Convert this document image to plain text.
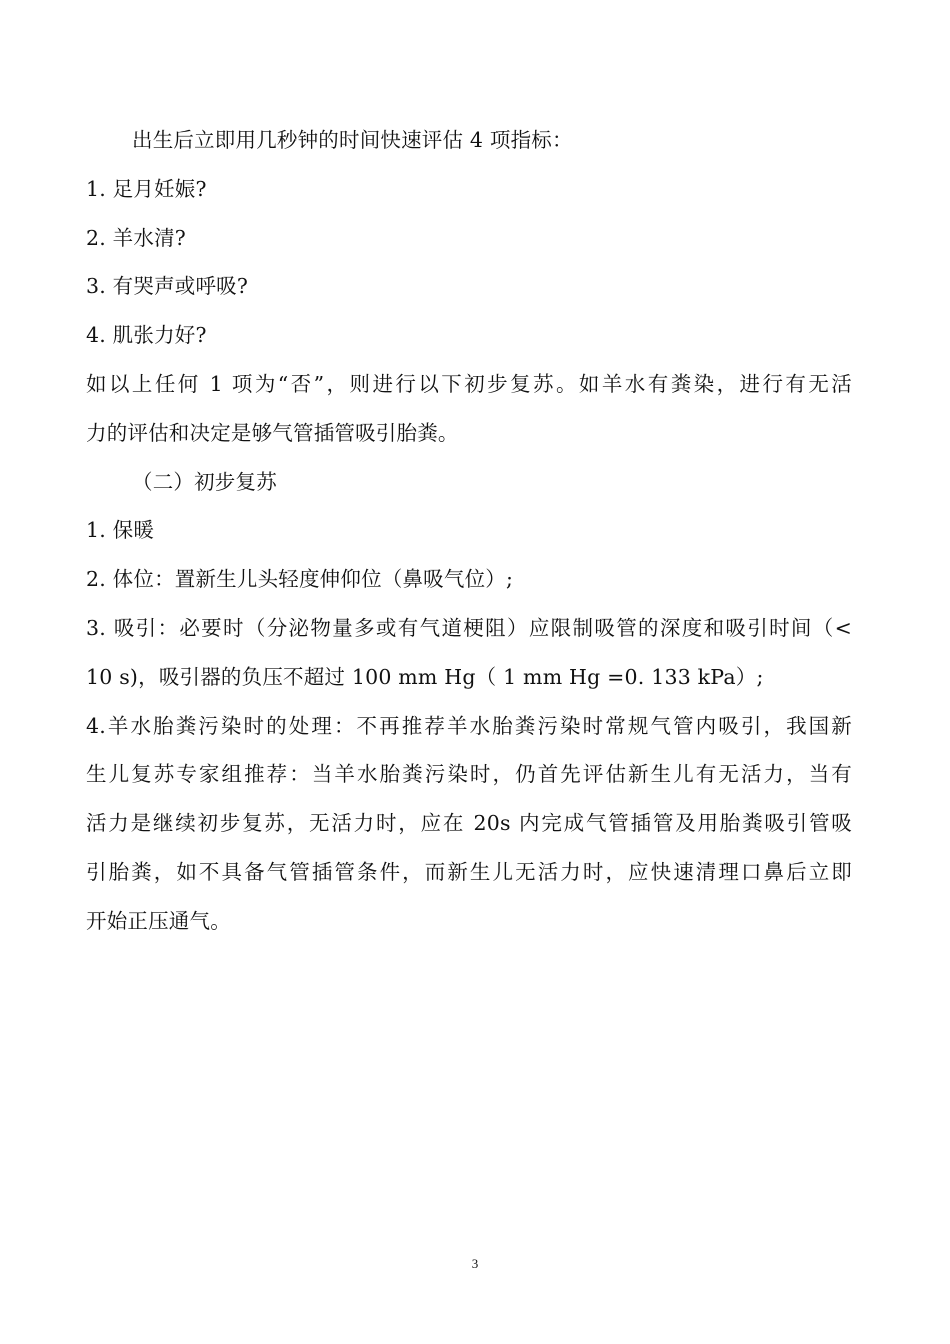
出生后立即用几秒钟的时间快速评估 4 项指标：
1. 足月妊娠?
2. 羊水清?
3. 有哭声或呼吸?
4. 肌张力好?
如以上任何 1 项为“否”，则进行以下初步复苏。如羊水有粪染，进行有无活
力的评估和决定是够气管插管吸引胎粪。
（二）初步复苏
1. 保暖
2. 体位：置新生儿头轻度伸仰位（鼻吸气位）;
3. 吸引：必要时（分泌物量多或有气道梗阻）应限制吸管的深度和吸引时间（<
10 s)，吸引器的负压不超过 100 mm Hg（ 1 mm Hg =0. 133 kPa）;
4.羊水胎粪污染时的处理：不再推荐羊水胎粪污染时常规气管内吸引，我国新
生儿复苏专家组推荐：当羊水胎粪污染时，仍首先评估新生儿有无活力，当有
活力是继续初步复苏，无活力时，应在 20s 内完成气管插管及用胎粪吸引管吸
引胎粪，如不具备气管插管条件，而新生儿无活力时，应快速清理口鼻后立即
开始正压通气。
3
